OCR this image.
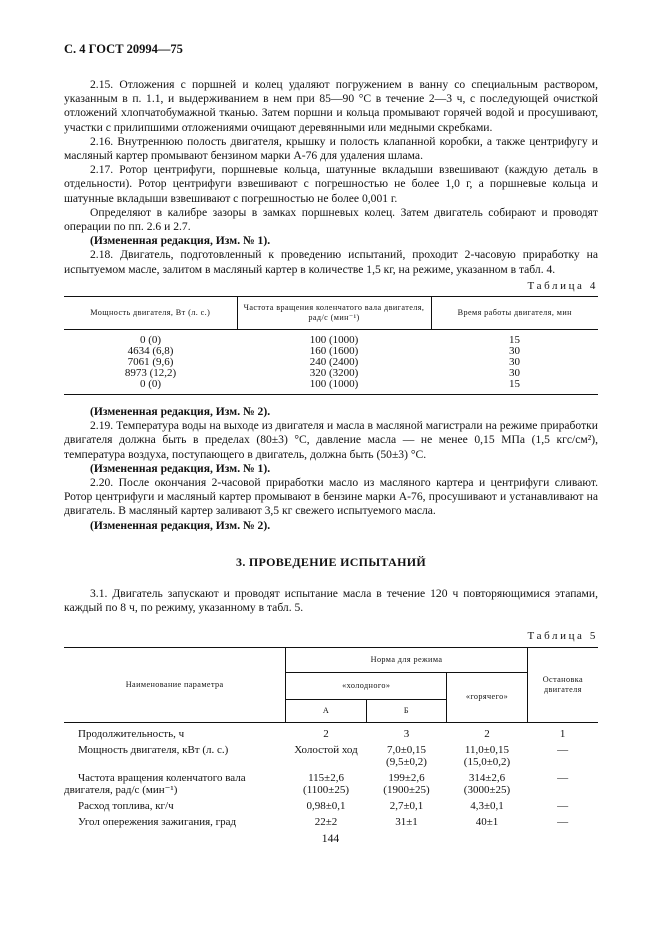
С. 4 ГОСТ 20994—75

2.15. Отложения с поршней и колец удаляют погружением в ванну со специальным раствором, указанным в п. 1.1, и выдерживанием в нем при 85—90 °С в течение 2—3 ч, с последующей очисткой отложений хлопчатобумажной тканью. Затем поршни и кольца промывают горячей водой и просушивают, участки с прилипшими отложениями очищают деревянными или медными скребками.

2.16. Внутреннюю полость двигателя, крышку и полость клапанной коробки, а также центрифугу и масляный картер промывают бензином марки А-76 для удаления шлама.

2.17. Ротор центрифуги, поршневые кольца, шатунные вкладыши взвешивают (каждую деталь в отдельности). Ротор центрифуги взвешивают с погрешностью не более 1,0 г, а поршневые кольца и шатунные вкладыши взвешивают с погрешностью не более 0,001 г.

Определяют в калибре зазоры в замках поршневых колец. Затем двигатель собирают и проводят операции по пп. 2.6 и 2.7.

(Измененная редакция, Изм. № 1).

2.18. Двигатель, подготовленный к проведению испытаний, проходит 2-часовую приработку на испытуемом масле, залитом в масляный картер в количестве 1,5 кг, на режиме, указанном в табл. 4.

Таблица 4
Мощность двигателя, Вт (л. с.)	Частота вращения коленчатого вала двигателя, рад/с (мин⁻¹)	Время работы двигателя, мин
0 (0)	100 (1000)	15
4634 (6,8)	160 (1600)	30
7061 (9,6)	240 (2400)	30
8973 (12,2)	320 (3200)	30
0 (0)	100 (1000)	15

(Измененная редакция, Изм. № 2).

2.19. Температура воды на выходе из двигателя и масла в масляной магистрали на режиме приработки двигателя должна быть в пределах (80±3) °С, давление масла — не менее 0,15 МПа (1,5 кгс/см²), температура воздуха, поступающего в двигатель, должна быть (50±3) °С.

(Измененная редакция, Изм. № 1).

2.20. После окончания 2-часовой приработки масло из масляного картера и центрифуги сливают. Ротор центрифуги и масляный картер промывают в бензине марки А-76, просушивают и устанавливают на двигатель. В масляный картер заливают 3,5 кг свежего испытуемого масла.

(Измененная редакция, Изм. № 2).

3. ПРОВЕДЕНИЕ ИСПЫТАНИЙ

3.1. Двигатель запускают и проводят испытание масла в течение 120 ч повторяющимися этапами, каждый по 8 ч, по режиму, указанному в табл. 5.

Таблица 5
Наименование параметра	Норма для режима			Остановка двигателя
	«холодного»		«горячего»	
	А	Б		
Продолжительность, ч	2	3	2	1
Мощность двигателя, кВт (л. с.)	Холостой ход	7,0±0,15 (9,5±0,2)	11,0±0,15 (15,0±0,2)	—
Частота вращения коленчатого вала двигателя, рад/с (мин⁻¹)	115±2,6 (1100±25)	199±2,6 (1900±25)	314±2,6 (3000±25)	—
Расход топлива, кг/ч	0,98±0,1	2,7±0,1	4,3±0,1	—
Угол опережения зажигания, град	22±2	31±1	40±1	—
144
